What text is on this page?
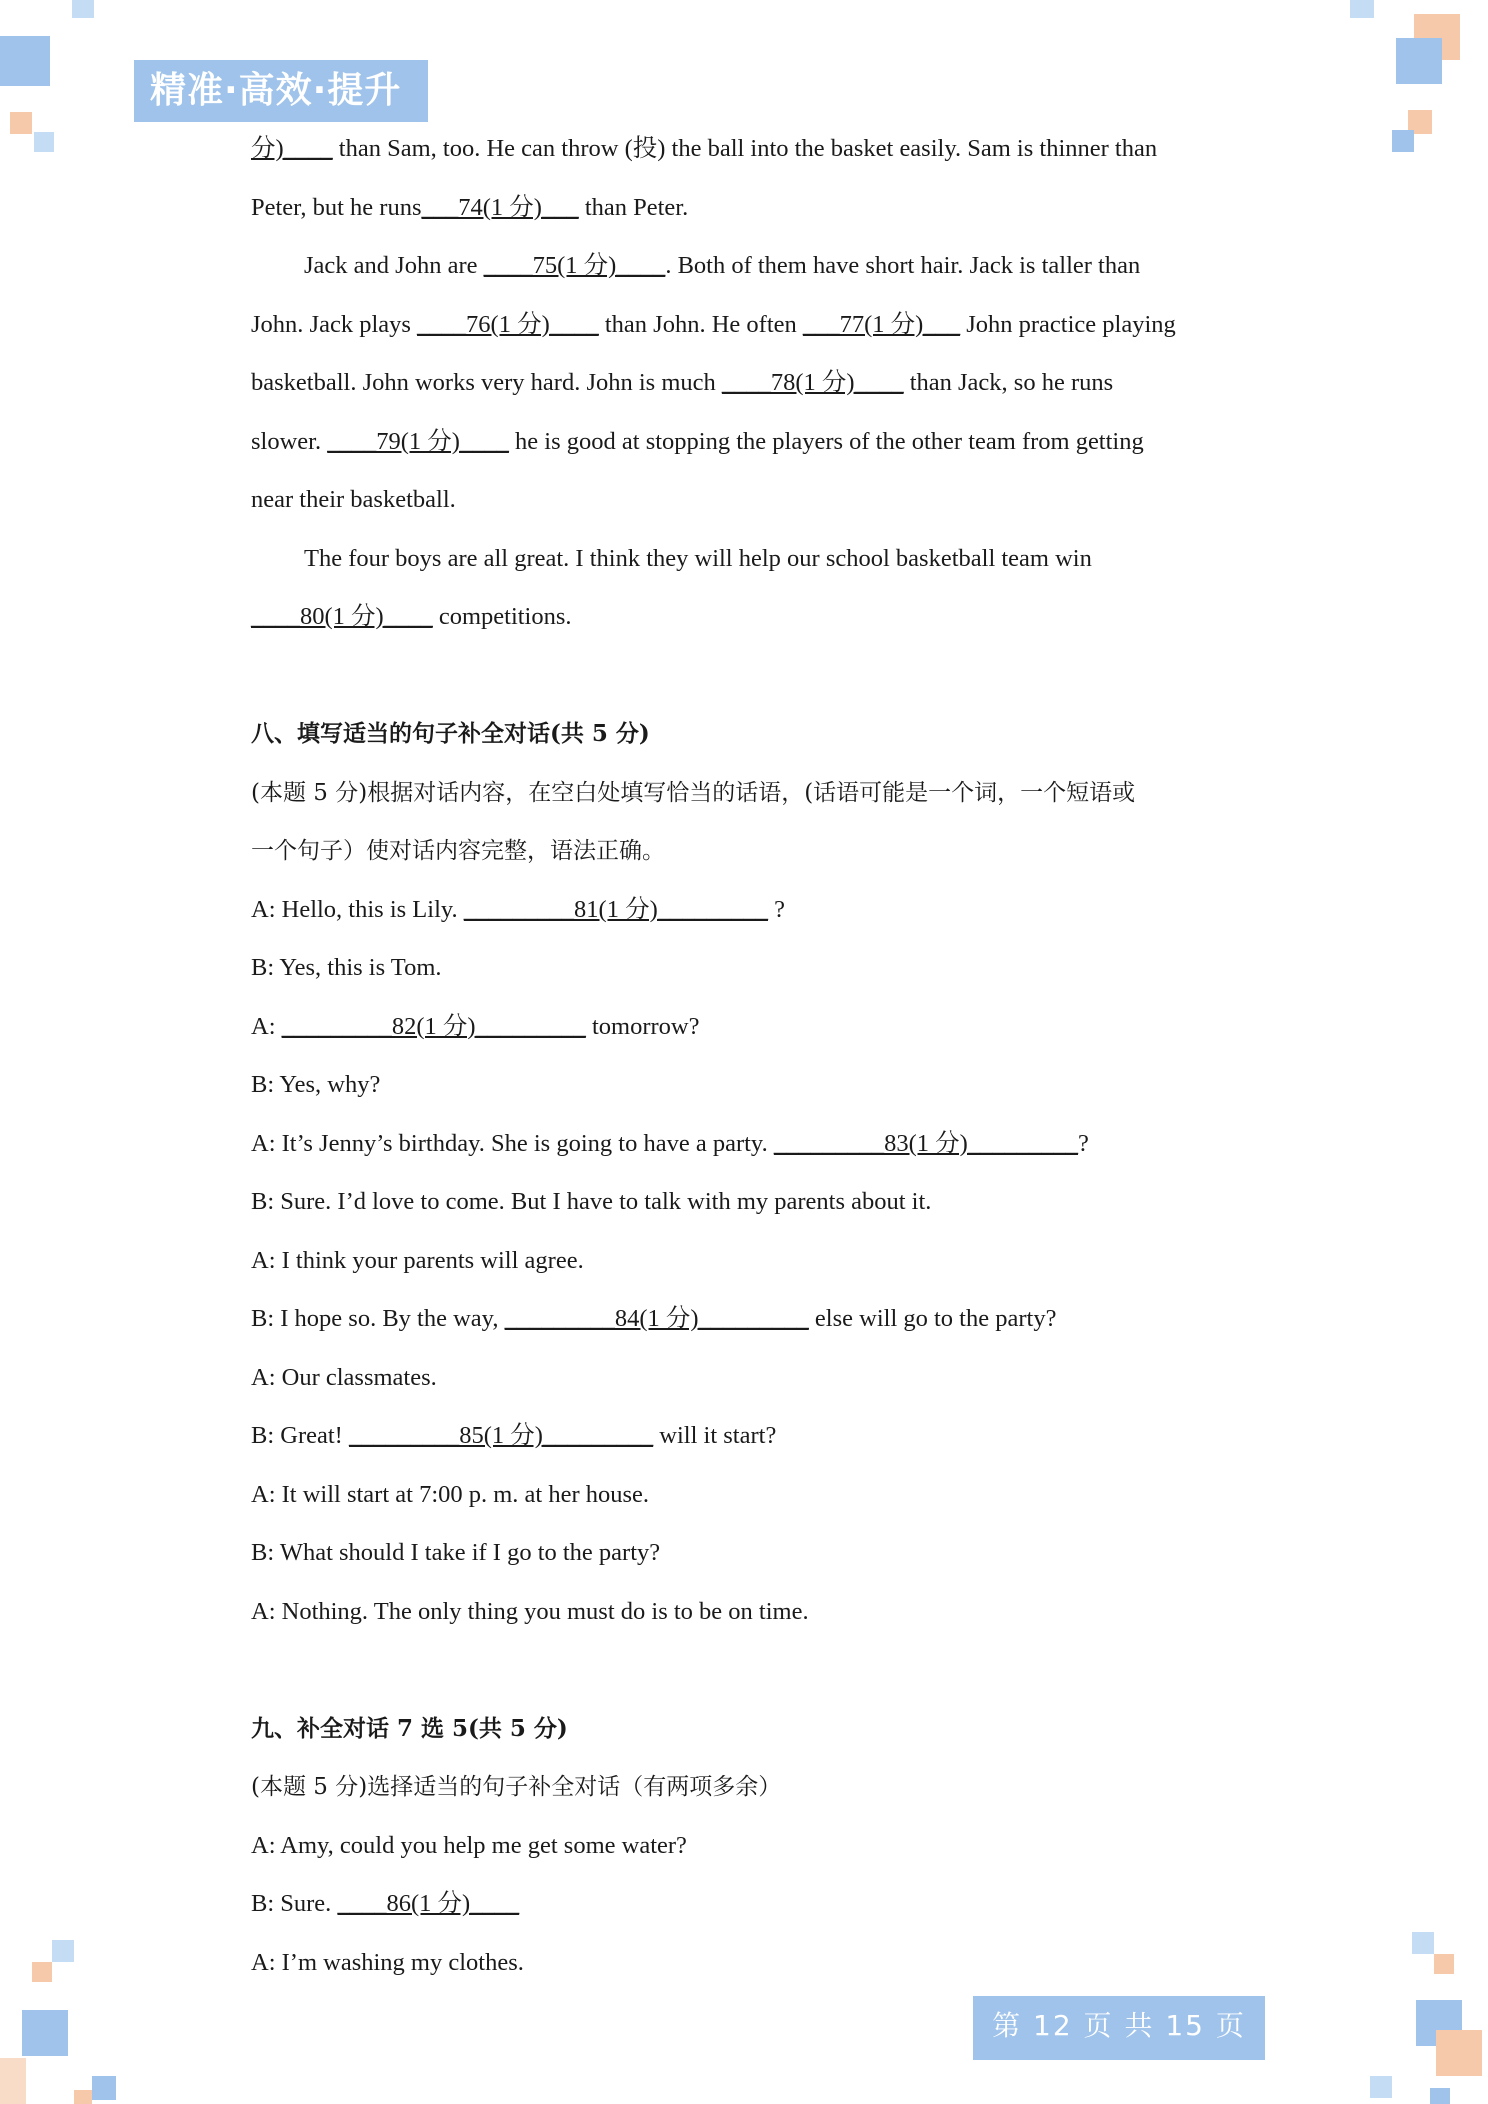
精准·高效·提升
分)____ than Sam, too. He can throw (投) the ball into the basket easily. Sam is thinner than
Peter, but he runs___74(1 分)___ than Peter.
Jack and John are ____75(1 分)____. Both of them have short hair. Jack is taller than
John. Jack plays ____76(1 分)____ than John. He often ___77(1 分)___ John practice playing
basketball. John works very hard. John is much ____78(1 分)____ than Jack, so he runs
slower. ____79(1 分)____ he is good at stopping the players of the other team from getting
near their basketball.
The four boys are all great. I think they will help our school basketball team win
____80(1 分)____ competitions.
八、填写适当的句子补全对话(共 5 分)
(本题 5 分)根据对话内容，在空白处填写恰当的话语，(话语可能是一个词，一个短语或
一个句子）使对话内容完整，语法正确。
A: Hello, this is Lily. _________81(1 分)_________ ?
B: Yes, this is Tom.
A: _________82(1 分)_________ tomorrow?
B: Yes, why?
A: It’s Jenny’s birthday. She is going to have a party. _________83(1 分)_________?
B: Sure. I’d love to come. But I have to talk with my parents about it.
A: I think your parents will agree.
B: I hope so. By the way, _________84(1 分)_________ else will go to the party?
A: Our classmates.
B: Great! _________85(1 分)_________ will it start?
A: It will start at 7:00 p. m. at her house.
B: What should I take if I go to the party?
A: Nothing. The only thing you must do is to be on time.
九、补全对话 7 选 5(共 5 分)
(本题 5 分)选择适当的句子补全对话（有两项多余）
A: Amy, could you help me get some water?
B: Sure. ____86(1 分)____
A: I’m washing my clothes.
第 12 页 共 15 页
